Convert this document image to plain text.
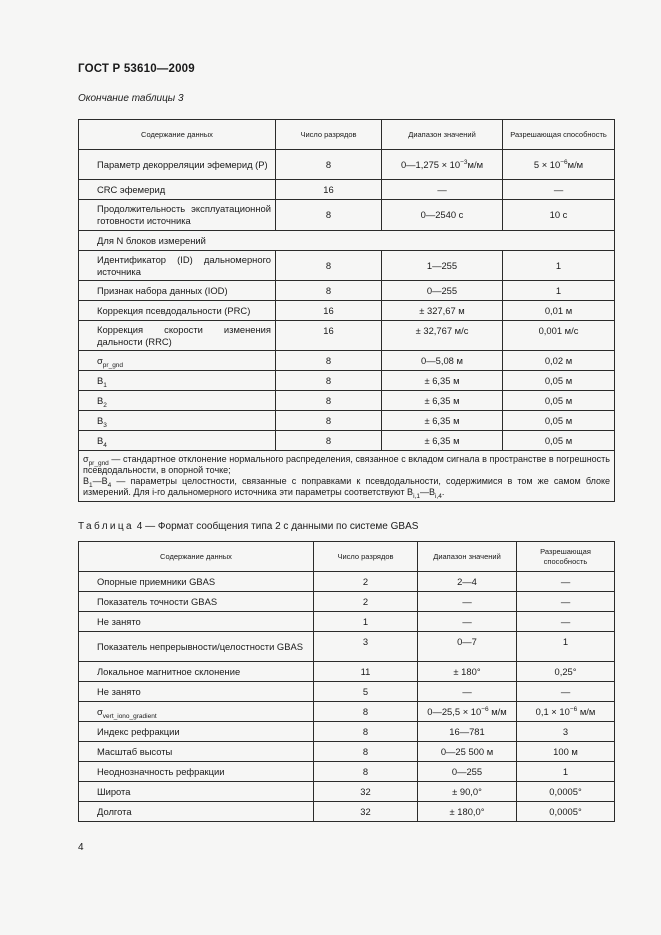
ГОСТ Р 53610—2009
Окончание таблицы 3
Содержание данных	Число разрядов	Диапазон значений	Разрешающая способность
Параметр декорреляции эфемерид (P)	8	0—1,275 × $10^{-3}м/м$	$5 \times 10^{-6}м/м$
CRC эфемерид	16	—	—
Продолжительность эксплуатационной готовности источника	8	0—2540 с	10 с
Для N блоков измерений			
Идентификатор (ID) дальномерного источника	8	1—255	1
Признак набора данных (IOD)	8	0—255	1
Коррекция псевдодальности (PRC)	16	± 327,67 м	0,01 м
Коррекция скорости изменения дальности (RRC)	16	± 32,767 м/с	0,001 м/с
$\sigma_{pr\_gnd}$	8	0—5,08 м	0,02 м
$B_1$	8	± 6,35 м	0,05 м
$B_2$	8	± 6,35 м	0,05 м
$B_3$	8	± 6,35 м	0,05 м
$B_4$	8	± 6,35 м	0,05 м
$\sigma_{pr\_gnd}$ — стандартное отклонение нормального распределения, связанное с вкладом сигнала в пространстве в погрешность псевдодальности, в опорной точке;
$B_1—B_4$ — параметры целостности, связанные с поправками к псевдодальности, содержимися в том же самом блоке измерений. Для i-го дальномерного источника эти параметры соответствуют $B_{i,1}—B_{i,4}$.			
Таблица 4 — Формат сообщения типа 2 с данными по системе GBAS
Содержание данных	Число разрядов	Диапазон значений	Разрешающая способность
Опорные приемники GBAS	2	2—4	—
Показатель точности GBAS	2	—	—
Не занято	1	—	—
Показатель непрерывности/целостности GBAS	3	0—7	1
Локальное магнитное склонение	11	± 180°	0,25°
Не занято	5	—	—
$\sigma_{vert\_iono\_gradient}$	8	0—25,5 × $10^{-6}$ м/м	$0,1 \times 10^{-6}$ м/м
Индекс рефракции	8	16—781	3
Масштаб высоты	8	0—25 500 м	100 м
Неоднозначность рефракции	8	0—255	1
Широта	32	± 90,0°	0,0005°
Долгота	32	± 180,0°	0,0005°
4
